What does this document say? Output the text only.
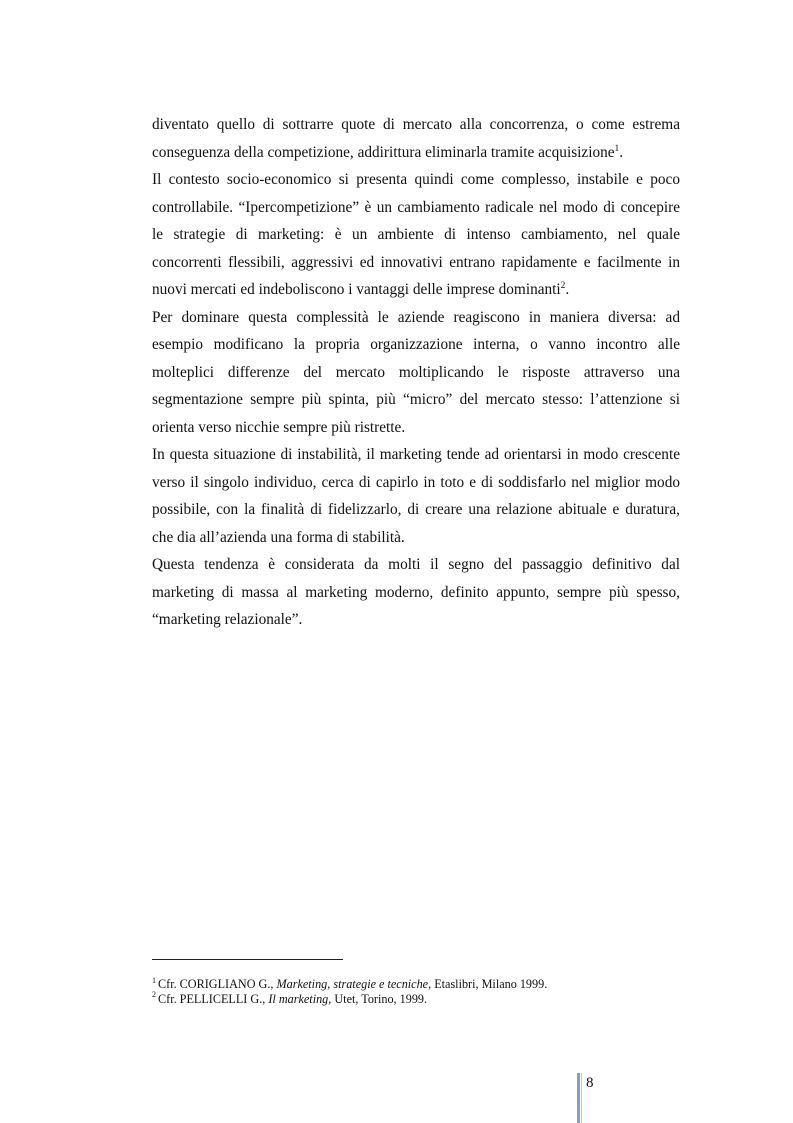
diventato quello di sottrarre quote di mercato alla concorrenza, o come estrema conseguenza della competizione, addirittura eliminarla tramite acquisizione$^1$.

Il contesto socio-economico si presenta quindi come complesso, instabile e poco controllabile. “Ipercompetizione” è un cambiamento radicale nel modo di concepire le strategie di marketing: è un ambiente di intenso cambiamento, nel quale concorrenti flessibili, aggressivi ed innovativi entrano rapidamente e facilmente in nuovi mercati ed indeboliscono i vantaggi delle imprese dominanti$^2$.

Per dominare questa complessità le aziende reagiscono in maniera diversa: ad esempio modificano la propria organizzazione interna, o vanno incontro alle molteplici differenze del mercato moltiplicando le risposte attraverso una segmentazione sempre più spinta, più “micro” del mercato stesso: l’attenzione si orienta verso nicchie sempre più ristrette.

In questa situazione di instabilità, il marketing tende ad orientarsi in modo crescente verso il singolo individuo, cerca di capirlo in toto e di soddisfarlo nel miglior modo possibile, con la finalità di fidelizzarlo, di creare una relazione abituale e duratura, che dia all’azienda una forma di stabilità.

Questa tendenza è considerata da molti il segno del passaggio definitivo dal marketing di massa al marketing moderno, definito appunto, sempre più spesso, “marketing relazionale”.

$^1$ Cfr. CORIGLIANO G., Marketing, strategie e tecniche, Etaslibri, Milano 1999.

$^2$ Cfr. PELLICELLI G., Il marketing, Utet, Torino, 1999.

8
